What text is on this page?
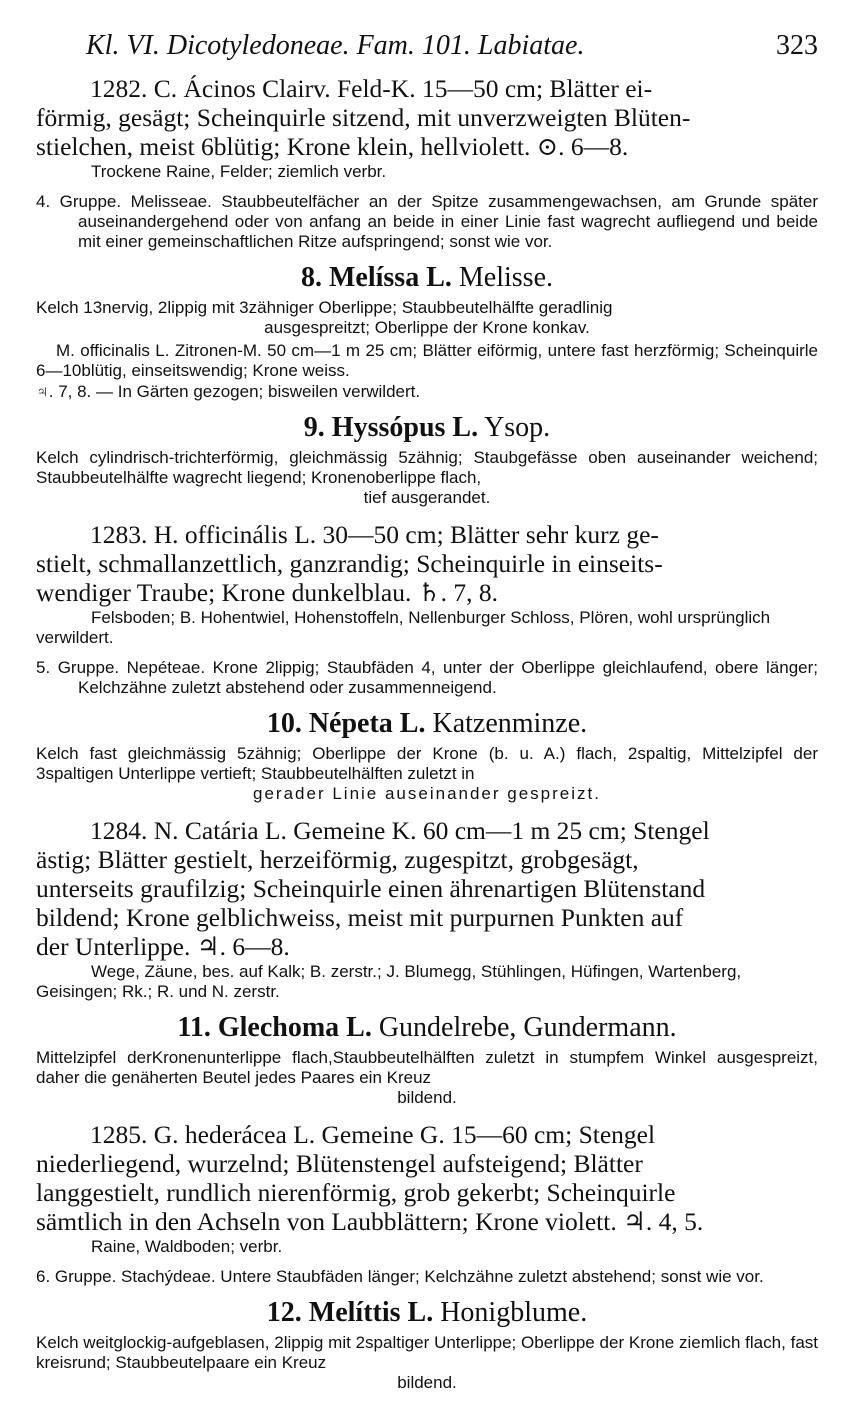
Kl. VI. Dicotyledoneae. Fam. 101. Labiatae.	323
1282. C. Ácinos Clairv. Feld-K. 15—50 cm; Blätter ei-
förmig, gesägt; Scheinquirle sitzend, mit unverzweigten Blüten-
stielchen, meist 6blütig; Krone klein, hellviolett. ⊙. 6—8.
Trockene Raine, Felder; ziemlich verbr.
4. Gruppe. Melisseae. Staubbeutelfächer an der Spitze zusammengewachsen, am Grunde später auseinandergehend oder von anfang an beide in einer Linie fast wagrecht aufliegend und beide mit einer gemeinschaftlichen Ritze aufspringend; sonst wie vor.
8. Melíssa L. Melisse.
Kelch 13nervig, 2lippig mit 3zähniger Oberlippe; Staubbeutelhälfte geradlinig
ausgespreitzt; Oberlippe der Krone konkav.
M. officinalis L. Zitronen-M. 50 cm—1 m 25 cm; Blätter eiförmig, untere fast herzförmig; Scheinquirle 6—10blütig, einseitswendig; Krone weiss.
♃. 7, 8. — In Gärten gezogen; bisweilen verwildert.
9. Hyssópus L. Ysop.
Kelch cylindrisch-trichterförmig, gleichmässig 5zähnig; Staubgefässe oben auseinander weichend; Staubbeutelhälfte wagrecht liegend; Kronenoberlippe flach,
tief ausgerandet.
1283. H. officinális L. 30—50 cm; Blätter sehr kurz ge-
stielt, schmallanzettlich, ganzrandig; Scheinquirle in einseits-
wendiger Traube; Krone dunkelblau. ♄. 7, 8.
Felsboden; B. Hohentwiel, Hohenstoffeln, Nellenburger Schloss, Plören, wohl ursprünglich verwildert.
5. Gruppe. Nepéteae. Krone 2lippig; Staubfäden 4, unter der Oberlippe gleichlaufend, obere länger; Kelchzähne zuletzt abstehend oder zusammenneigend.
10. Népeta L. Katzenminze.
Kelch fast gleichmässig 5zähnig; Oberlippe der Krone (b. u. A.) flach, 2spaltig, Mittelzipfel der 3spaltigen Unterlippe vertieft; Staubbeutelhälften zuletzt in
gerader Linie auseinander gespreizt.
1284. N. Catária L. Gemeine K. 60 cm—1 m 25 cm; Stengel
ästig; Blätter gestielt, herzeiförmig, zugespitzt, grobgesägt,
unterseits graufilzig; Scheinquirle einen ährenartigen Blütenstand
bildend; Krone gelblichweiss, meist mit purpurnen Punkten auf
der Unterlippe. ♃. 6—8.
Wege, Zäune, bes. auf Kalk; B. zerstr.; J. Blumegg, Stühlingen, Hüfingen, Wartenberg, Geisingen; Rk.; R. und N. zerstr.
11. Glechoma L. Gundelrebe, Gundermann.
Mittelzipfel derKronenunterlippe flach,Staubbeutelhälften zuletzt in stumpfem Winkel ausgespreizt, daher die genäherten Beutel jedes Paares ein Kreuz
bildend.
1285. G. hederácea L. Gemeine G. 15—60 cm; Stengel
niederliegend, wurzelnd; Blütenstengel aufsteigend; Blätter
langgestielt, rundlich nierenförmig, grob gekerbt; Scheinquirle
sämtlich in den Achseln von Laubblättern; Krone violett. ♃. 4, 5.
Raine, Waldboden; verbr.
6. Gruppe. Stachýdeae. Untere Staubfäden länger; Kelchzähne zuletzt abstehend; sonst wie vor.
12. Melíttis L. Honigblume.
Kelch weitglockig-aufgeblasen, 2lippig mit 2spaltiger Unterlippe; Oberlippe der Krone ziemlich flach, fast kreisrund; Staubbeutelpaare ein Kreuz
bildend.
